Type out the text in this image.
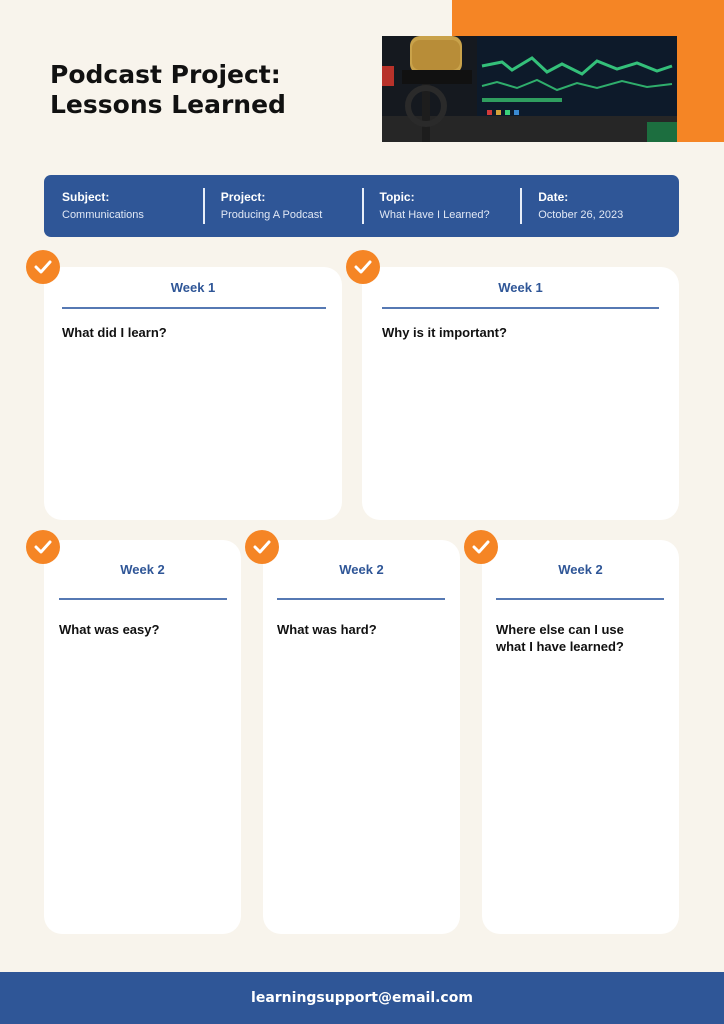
Podcast Project:
Lessons Learned
Subject:
Communications
Project:
Producing A Podcast
Topic:
What Have I Learned?
Date:
October 26, 2023
Week 1
What did I learn?
Week 1
Why is it important?
Week 2
What was easy?
Week 2
What was hard?
Week 2
Where else can I use what I have learned?
learningsupport@email.com
